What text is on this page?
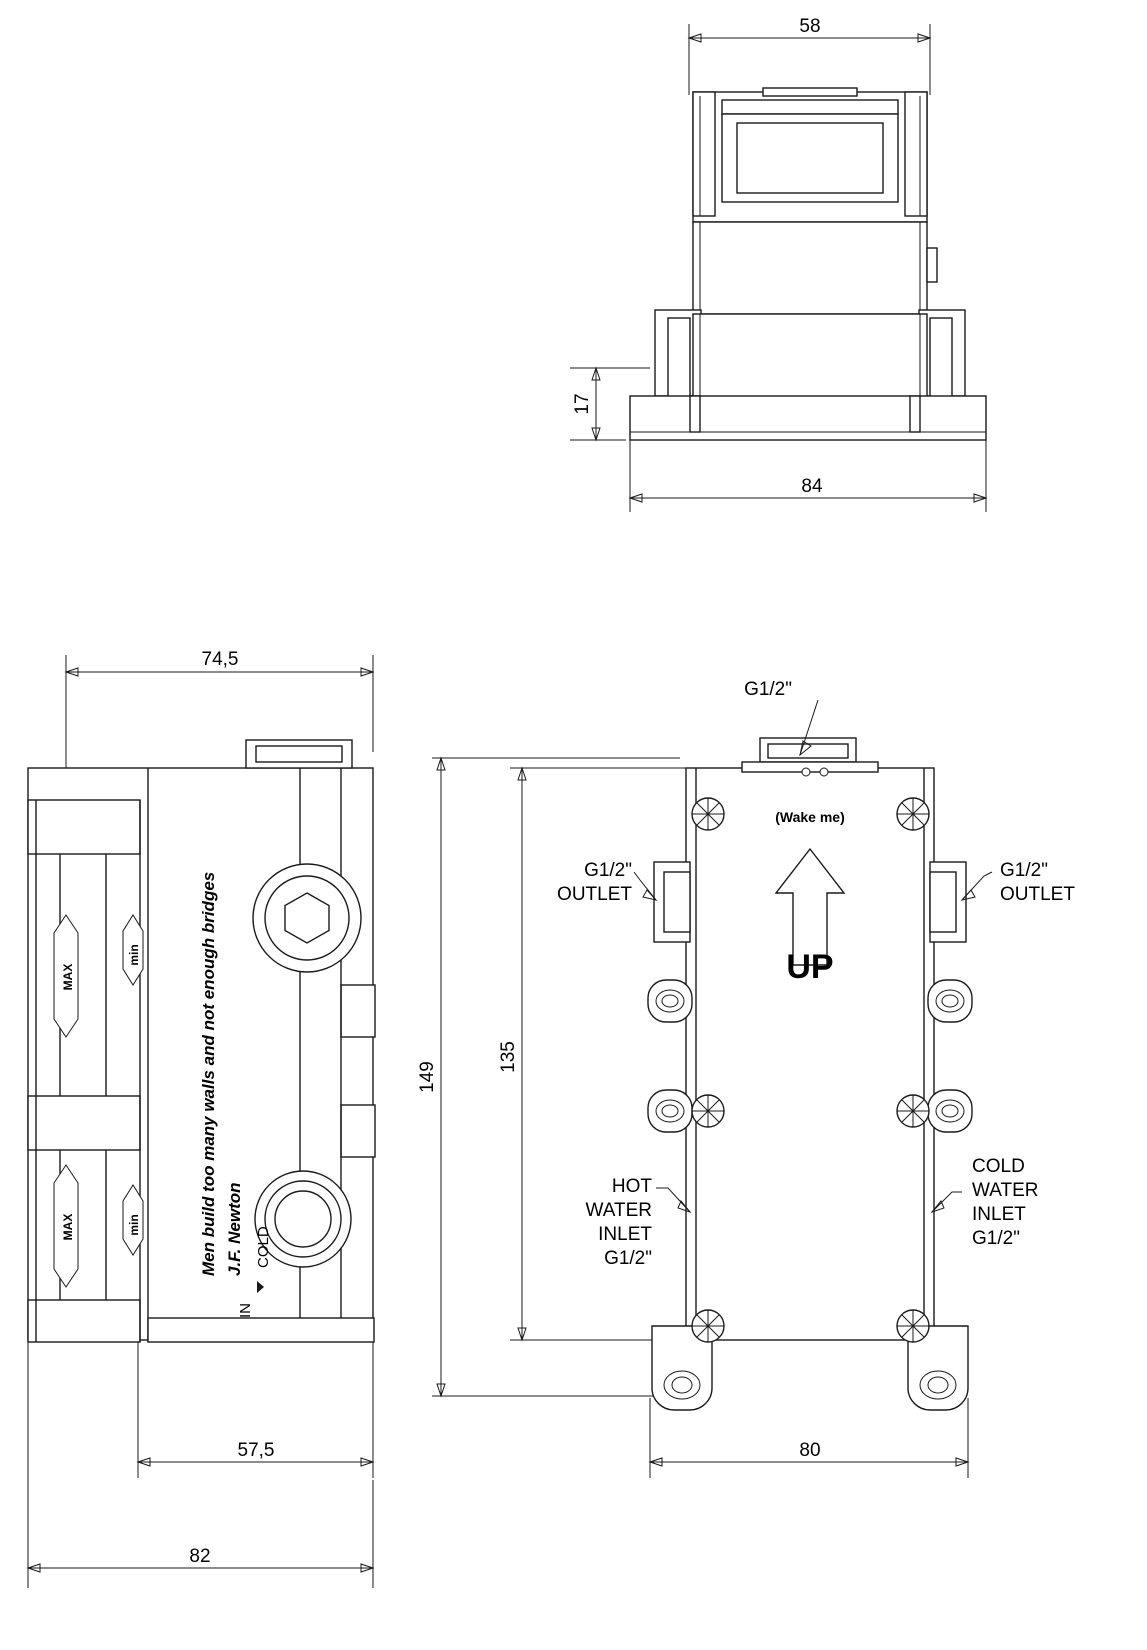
58
17
84
74,5
MAX
min
MAX	min
COLD
IN
Men build too many walls and not enough bridges J.F. Newton
57,5
82
149
135
(Wake me)
UP
G1/2"
G1/2"
OUTLET
G1/2"
OUTLET
HOT
WATER
INLET
G1/2"
COLD
WATER
INLET
G1/2"
80
